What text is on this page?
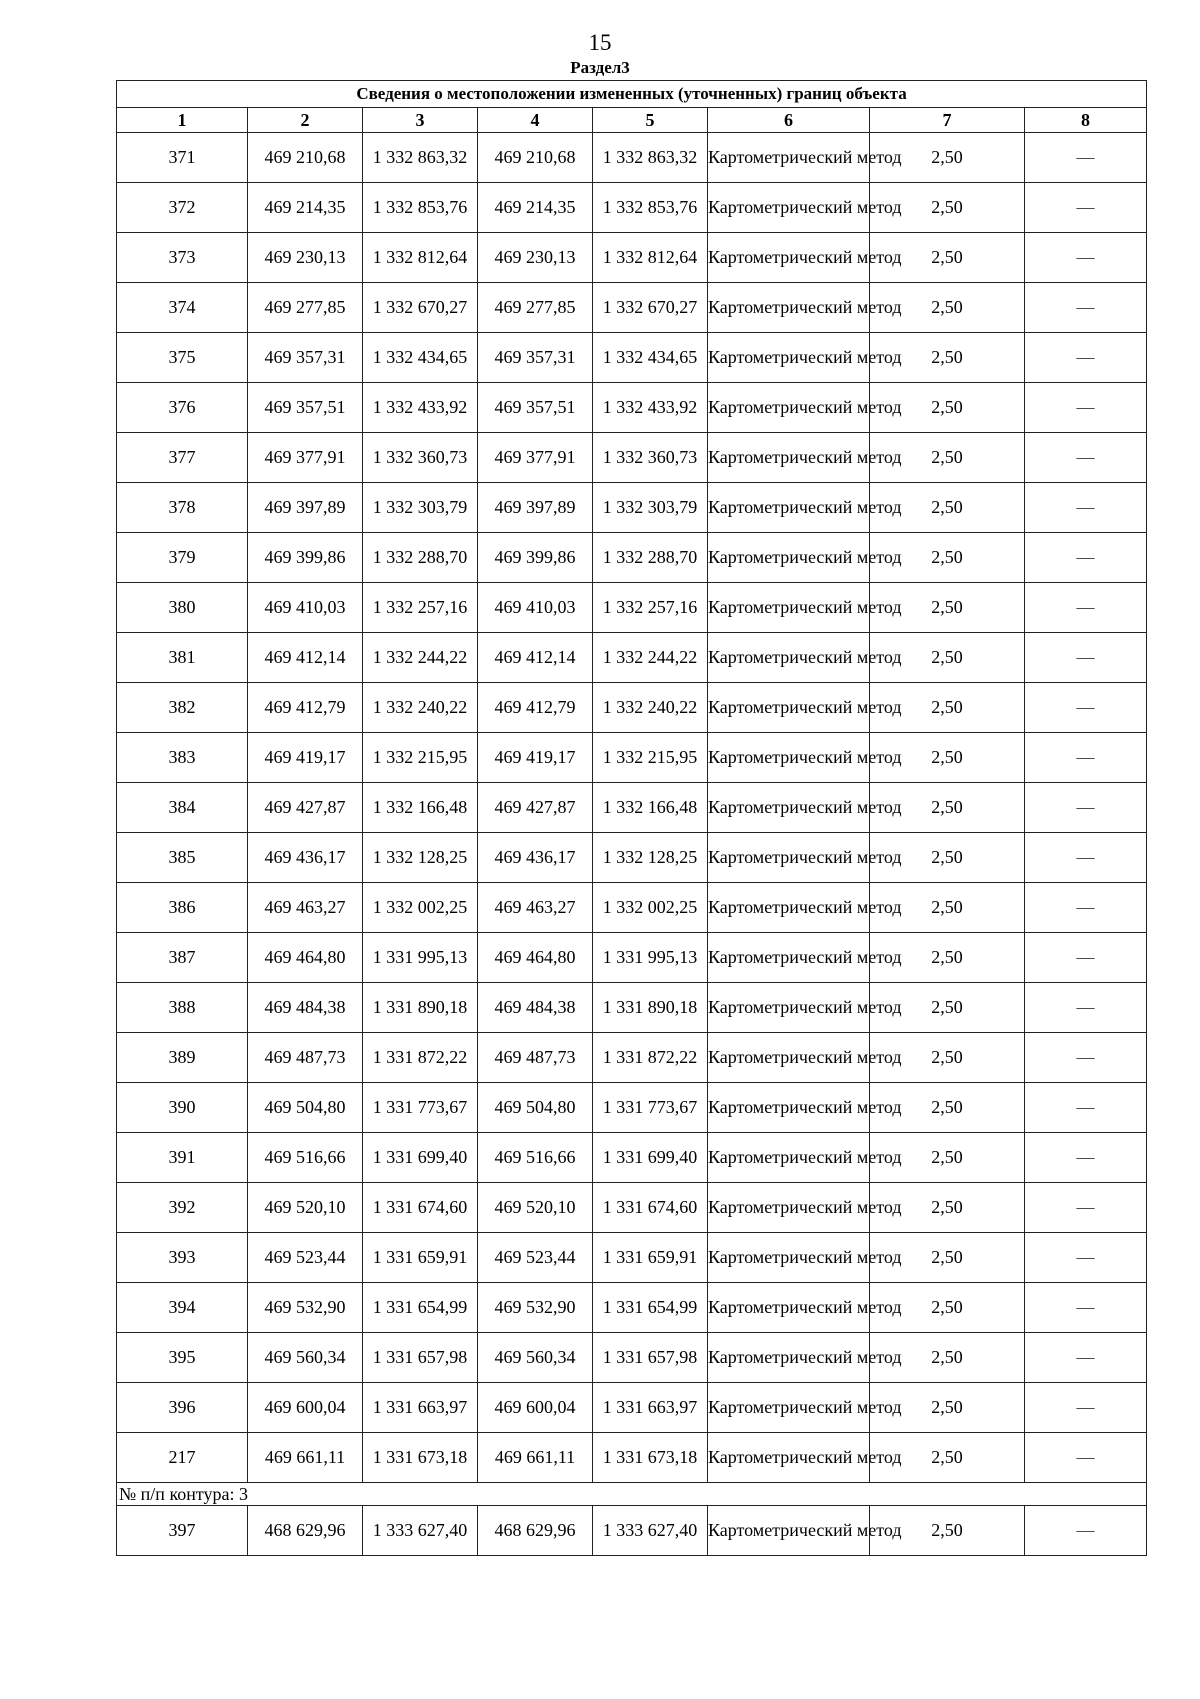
15
Раздел3
Сведения о местоположении измененных (уточненных) границ объекта							
1	2	3	4	5	6	7	8
371	469 210,68	1 332 863,32	469 210,68	1 332 863,32	Картометрический метод	2,50	—
372	469 214,35	1 332 853,76	469 214,35	1 332 853,76	Картометрический метод	2,50	—
373	469 230,13	1 332 812,64	469 230,13	1 332 812,64	Картометрический метод	2,50	—
374	469 277,85	1 332 670,27	469 277,85	1 332 670,27	Картометрический метод	2,50	—
375	469 357,31	1 332 434,65	469 357,31	1 332 434,65	Картометрический метод	2,50	—
376	469 357,51	1 332 433,92	469 357,51	1 332 433,92	Картометрический метод	2,50	—
377	469 377,91	1 332 360,73	469 377,91	1 332 360,73	Картометрический метод	2,50	—
378	469 397,89	1 332 303,79	469 397,89	1 332 303,79	Картометрический метод	2,50	—
379	469 399,86	1 332 288,70	469 399,86	1 332 288,70	Картометрический метод	2,50	—
380	469 410,03	1 332 257,16	469 410,03	1 332 257,16	Картометрический метод	2,50	—
381	469 412,14	1 332 244,22	469 412,14	1 332 244,22	Картометрический метод	2,50	—
382	469 412,79	1 332 240,22	469 412,79	1 332 240,22	Картометрический метод	2,50	—
383	469 419,17	1 332 215,95	469 419,17	1 332 215,95	Картометрический метод	2,50	—
384	469 427,87	1 332 166,48	469 427,87	1 332 166,48	Картометрический метод	2,50	—
385	469 436,17	1 332 128,25	469 436,17	1 332 128,25	Картометрический метод	2,50	—
386	469 463,27	1 332 002,25	469 463,27	1 332 002,25	Картометрический метод	2,50	—
387	469 464,80	1 331 995,13	469 464,80	1 331 995,13	Картометрический метод	2,50	—
388	469 484,38	1 331 890,18	469 484,38	1 331 890,18	Картометрический метод	2,50	—
389	469 487,73	1 331 872,22	469 487,73	1 331 872,22	Картометрический метод	2,50	—
390	469 504,80	1 331 773,67	469 504,80	1 331 773,67	Картометрический метод	2,50	—
391	469 516,66	1 331 699,40	469 516,66	1 331 699,40	Картометрический метод	2,50	—
392	469 520,10	1 331 674,60	469 520,10	1 331 674,60	Картометрический метод	2,50	—
393	469 523,44	1 331 659,91	469 523,44	1 331 659,91	Картометрический метод	2,50	—
394	469 532,90	1 331 654,99	469 532,90	1 331 654,99	Картометрический метод	2,50	—
395	469 560,34	1 331 657,98	469 560,34	1 331 657,98	Картометрический метод	2,50	—
396	469 600,04	1 331 663,97	469 600,04	1 331 663,97	Картометрический метод	2,50	—
217	469 661,11	1 331 673,18	469 661,11	1 331 673,18	Картометрический метод	2,50	—
№ п/п контура: 3							
397	468 629,96	1 333 627,40	468 629,96	1 333 627,40	Картометрический метод	2,50	—
